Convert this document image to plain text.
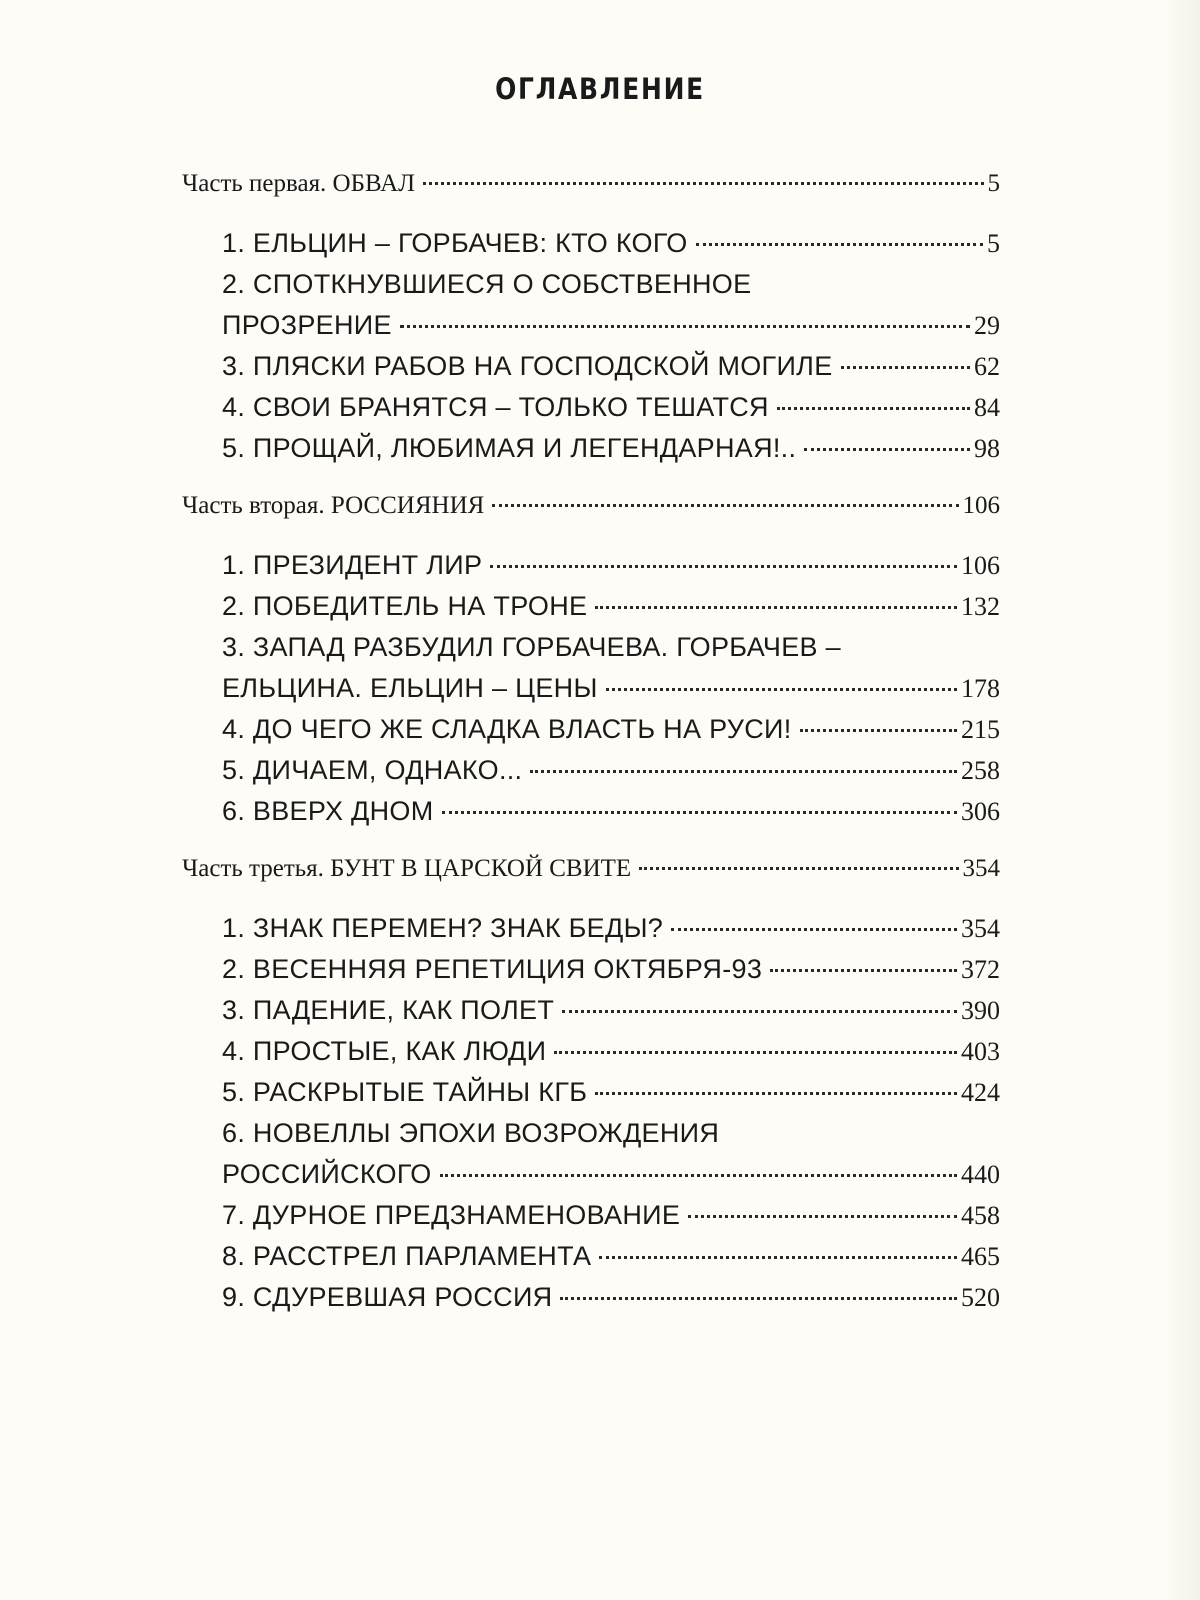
ОГЛАВЛЕНИЕ
Часть первая. ОБВАЛ	5
1. ЕЛЬЦИН – ГОРБАЧЕВ: КТО КОГО	5
2. СПОТКНУВШИЕСЯ О СОБСТВЕННОЕ
ПРОЗРЕНИЕ	29
3. ПЛЯСКИ РАБОВ НА ГОСПОДСКОЙ МОГИЛЕ	62
4. СВОИ БРАНЯТСЯ – ТОЛЬКО ТЕШАТСЯ	84
5. ПРОЩАЙ, ЛЮБИМАЯ И ЛЕГЕНДАРНАЯ!..	98
Часть вторая. РОССИЯНИЯ	106
1. ПРЕЗИДЕНТ ЛИР	106
2. ПОБЕДИТЕЛЬ НА ТРОНЕ	132
3. ЗАПАД РАЗБУДИЛ ГОРБАЧЕВА. ГОРБАЧЕВ –
ЕЛЬЦИНА. ЕЛЬЦИН – ЦЕНЫ	178
4. ДО ЧЕГО ЖЕ СЛАДКА ВЛАСТЬ НА РУСИ!	215
5. ДИЧАЕМ, ОДНАКО...	258
6. ВВЕРХ ДНОМ	306
Часть третья. БУНТ В ЦАРСКОЙ СВИТЕ	354
1. ЗНАК ПЕРЕМЕН? ЗНАК БЕДЫ?	354
2. ВЕСЕННЯЯ РЕПЕТИЦИЯ ОКТЯБРЯ-93	372
3. ПАДЕНИЕ, КАК ПОЛЕТ	390
4. ПРОСТЫЕ, КАК ЛЮДИ	403
5. РАСКРЫТЫЕ ТАЙНЫ КГБ	424
6. НОВЕЛЛЫ ЭПОХИ ВОЗРОЖДЕНИЯ
РОССИЙСКОГО	440
7. ДУРНОЕ ПРЕДЗНАМЕНОВАНИЕ	458
8. РАССТРЕЛ ПАРЛАМЕНТА	465
9. СДУРЕВШАЯ РОССИЯ	520
